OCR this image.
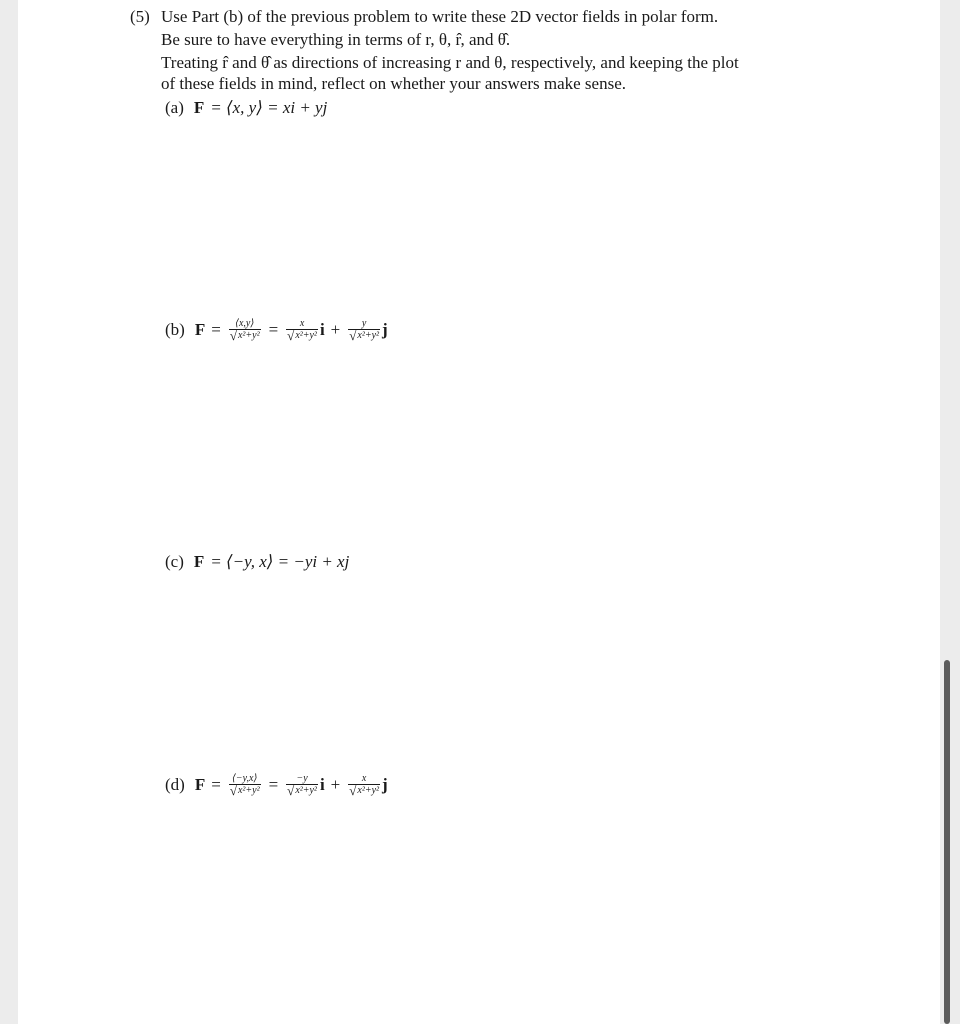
(5) Use Part (b) of the previous problem to write these 2D vector fields in polar form.
Be sure to have everything in terms of r, θ, r̂, and θ̂.
Treating r̂ and θ̂ as directions of increasing r and θ, respectively, and keeping the plot
of these fields in mind, reflect on whether your answers make sense.
(a) F = ⟨x, y⟩ = xi + yj
(b) $F = \frac{⟨x,y⟩}{\text{√ x²+y²}} = \frac{x}{\text{√ x²+y²}}$ $i + \frac{y}{\text{√ x²+y²}}$ j
(c) F = ⟨−y, x⟩ = −yi + xj
(d) $F = \frac{⟨-y,x⟩}{\text{√ x²+y²}} = \frac{-y}{\text{√ x²+y²}}$ $i + \frac{x}{\text{√ x²+y²}}$ j
